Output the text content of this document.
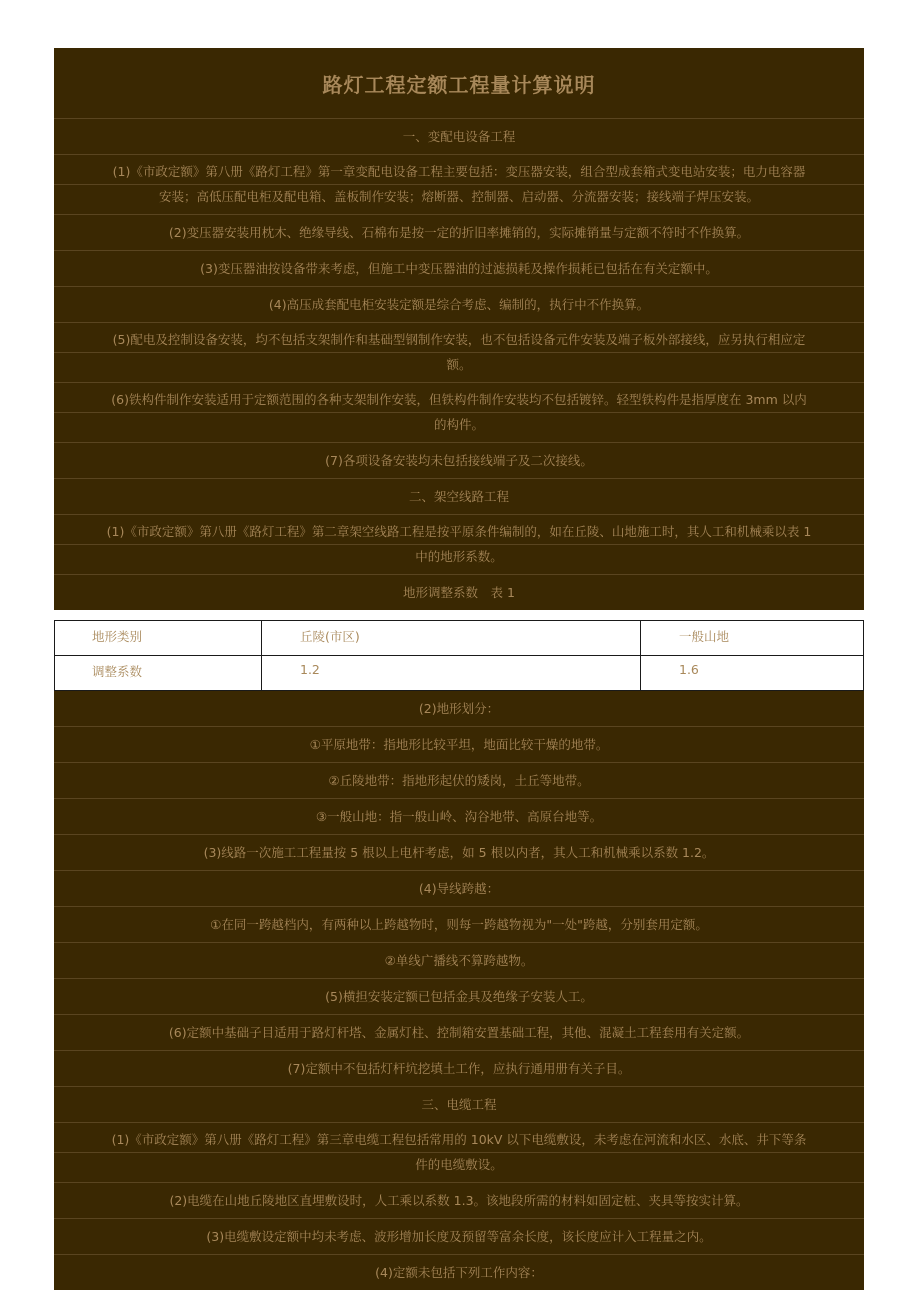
路灯工程定额工程量计算说明
一、变配电设备工程
(1)《市政定额》第八册《路灯工程》第一章变配电设备工程主要包括：变压器安装，组合型成套箱式变电站安装；电力电容器
安装；高低压配电柜及配电箱、盖板制作安装；熔断器、控制器、启动器、分流器安装；接线端子焊压安装。
(2)变压器安装用枕木、绝缘导线、石棉布是按一定的折旧率摊销的，实际摊销量与定额不符时不作换算。
(3)变压器油按设备带来考虑，但施工中变压器油的过滤损耗及操作损耗已包括在有关定额中。
(4)高压成套配电柜安装定额是综合考虑、编制的，执行中不作换算。
(5)配电及控制设备安装，均不包括支架制作和基础型钢制作安装，也不包括设备元件安装及端子板外部接线，应另执行相应定
额。
(6)铁构件制作安装适用于定额范围的各种支架制作安装，但铁构件制作安装均不包括镀锌。轻型铁构件是指厚度在 3mm 以内
的构件。
(7)各项设备安装均未包括接线端子及二次接线。
二、架空线路工程
(1)《市政定额》第八册《路灯工程》第二章架空线路工程是按平原条件编制的，如在丘陵、山地施工时，其人工和机械乘以表 1
中的地形系数。
地形调整系数　表 1
地形类别	丘陵(市区)	一般山地

调整系数	1.2	1.6
(2)地形划分：
①平原地带：指地形比较平坦，地面比较干燥的地带。
②丘陵地带：指地形起伏的矮岗，土丘等地带。
③一般山地：指一般山岭、沟谷地带、高原台地等。
(3)线路一次施工工程量按 5 根以上电杆考虑，如 5 根以内者，其人工和机械乘以系数 1.2。
(4)导线跨越：
①在同一跨越档内，有两种以上跨越物时，则每一跨越物视为"一处"跨越，分别套用定额。
②单线广播线不算跨越物。
(5)横担安装定额已包括金具及绝缘子安装人工。
(6)定额中基础子目适用于路灯杆塔、金属灯柱、控制箱安置基础工程，其他、混凝土工程套用有关定额。
(7)定额中不包括灯杆坑挖填土工作，应执行通用册有关子目。
三、电缆工程
(1)《市政定额》第八册《路灯工程》第三章电缆工程包括常用的 10kV 以下电缆敷设，未考虑在河流和水区、水底、井下等条
件的电缆敷设。
(2)电缆在山地丘陵地区直埋敷设时，人工乘以系数 1.3。该地段所需的材料如固定桩、夹具等按实计算。
(3)电缆敷设定额中均未考虑、波形增加长度及预留等富余长度，该长度应计入工程量之内。
(4)定额未包括下列工作内容：
